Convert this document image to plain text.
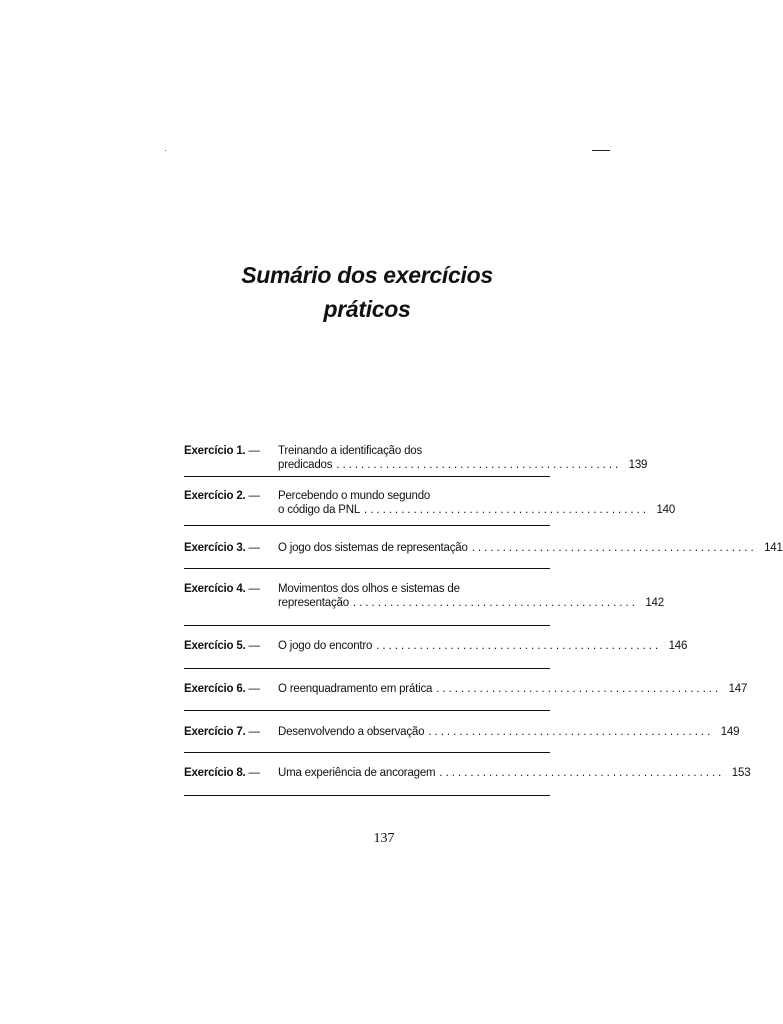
Sumário dos exercícios
práticos
Exercício 1. — Treinando a identificação dos
predicados .............................................. 139
Exercício 2. — Percebendo o mundo segundo
o código da PNL .............................................. 140
Exercício 3. — O jogo dos sistemas de representação .............................................. 141
Exercício 4. — Movimentos dos olhos e sistemas de
representação .............................................. 142
Exercício 5. — O jogo do encontro .............................................. 146
Exercício 6. — O reenquadramento em prática .............................................. 147
Exercício 7. — Desenvolvendo a observação .............................................. 149
Exercício 8. — Uma experiência de ancoragem .............................................. 153
137
